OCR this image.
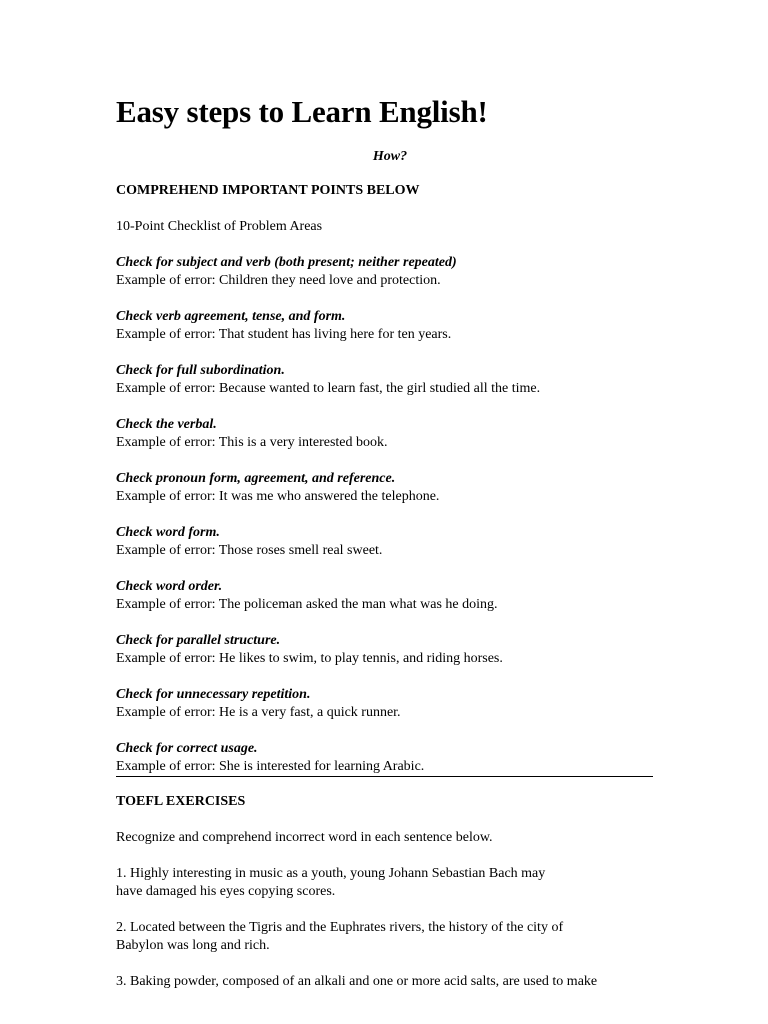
Easy steps to Learn English!

How?

COMPREHEND IMPORTANT POINTS BELOW

10-Point Checklist of Problem Areas

Check for subject and verb (both present; neither repeated)

Example of error: Children they need love and protection.

Check verb agreement, tense, and form.

Example of error: That student has living here for ten years.

Check for full subordination.

Example of error: Because wanted to learn fast, the girl studied all the time.

Check the verbal.

Example of error: This is a very interested book.

Check pronoun form, agreement, and reference.

Example of error: It was me who answered the telephone.

Check word form.

Example of error: Those roses smell real sweet.

Check word order.

Example of error: The policeman asked the man what was he doing.

Check for parallel structure.

Example of error: He likes to swim, to play tennis, and riding horses.

Check for unnecessary repetition.

Example of error: He is a very fast, a quick runner.

Check for correct usage.

Example of error: She is interested for learning Arabic.

TOEFL EXERCISES

Recognize and comprehend incorrect word in each sentence below.

1. Highly interesting in music as a youth, young Johann Sebastian Bach may
have damaged his eyes copying scores.

2. Located between the Tigris and the Euphrates rivers, the history of the city of
Babylon was long and rich.

3. Baking powder, composed of an alkali and one or more acid salts, are used to make
